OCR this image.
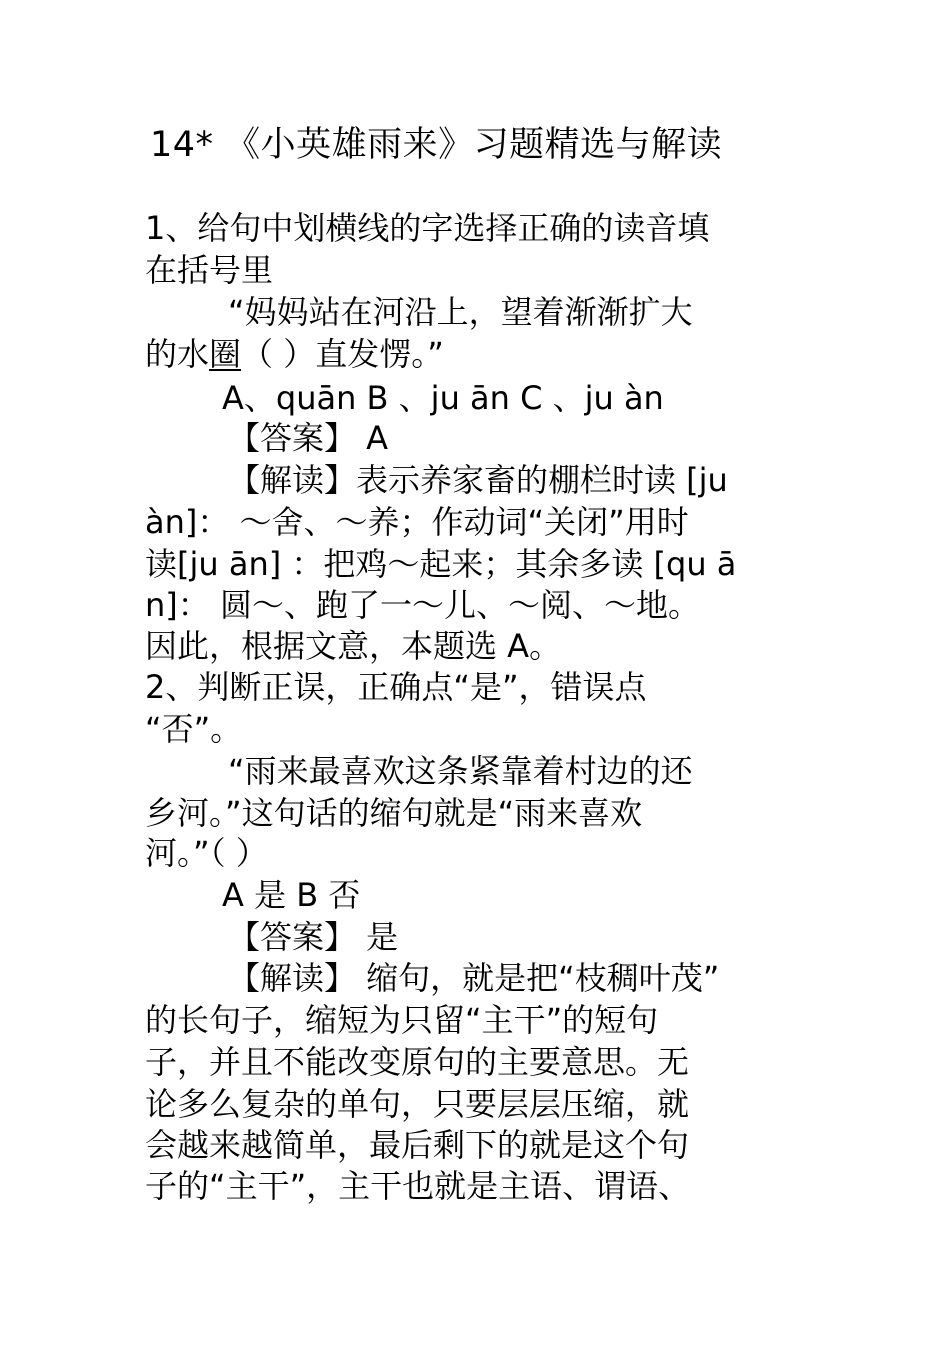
14* 《小英雄雨来》习题精选与解读
1、给句中划横线的字选择正确的读音填
在括号里
“妈妈站在河沿上，望着渐渐扩大
的水圈（ ）直发愣。”
A、quān B 、ju ān C 、ju àn
【答案】 A
【解读】表示养家畜的棚栏时读 [ju
àn]： ～舍、～养；作动词“关闭”用时
读[ju ān] ：把鸡～起来；其余多读 [qu ā
n]： 圆～、跑了一～儿、～阅、～地。
因此，根据文意，本题选 A。
2、判断正误，正确点“是”，错误点
“否”。
“雨来最喜欢这条紧靠着村边的还
乡河。”这句话的缩句就是“雨来喜欢
河。”（ ）
A 是 B 否
【答案】 是
【解读】 缩句，就是把“枝稠叶茂”
的长句子，缩短为只留“主干”的短句
子，并且不能改变原句的主要意思。无
论多么复杂的单句，只要层层压缩，就
会越来越简单，最后剩下的就是这个句
子的“主干”，主干也就是主语、谓语、
